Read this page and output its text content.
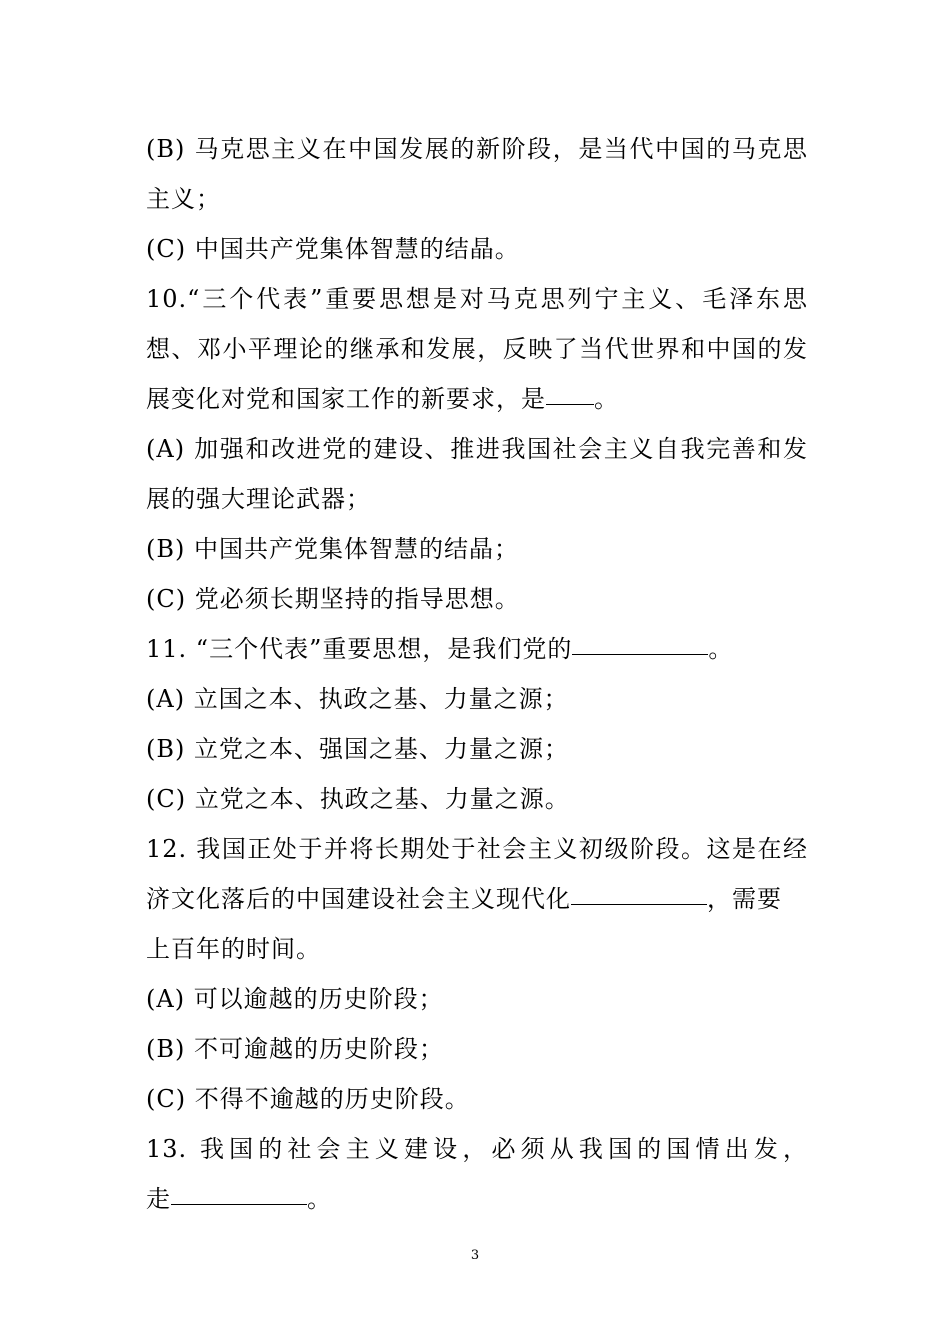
(B) 马克思主义在中国发展的新阶段，是当代中国的马克思
主义；
(C) 中国共产党集体智慧的结晶。
10.“三个代表”重要思想是对马克思列宁主义、毛泽东思
想、邓小平理论的继承和发展，反映了当代世界和中国的发
展变化对党和国家工作的新要求，是 。
(A) 加强和改进党的建设、推进我国社会主义自我完善和发
展的强大理论武器；
(B) 中国共产党集体智慧的结晶；
(C) 党必须长期坚持的指导思想。
11. “三个代表”重要思想，是我们党的	。
(A) 立国之本、执政之基、力量之源；
(B) 立党之本、强国之基、力量之源；
(C) 立党之本、执政之基、力量之源。
12. 我国正处于并将长期处于社会主义初级阶段。这是在经
济文化落后的中国建设社会主义现代化	，需要
上百年的时间。
(A) 可以逾越的历史阶段；
(B) 不可逾越的历史阶段；
(C) 不得不逾越的历史阶段。
13. 我国的社会主义建设，必须从我国的国情出发，
走	。
3
